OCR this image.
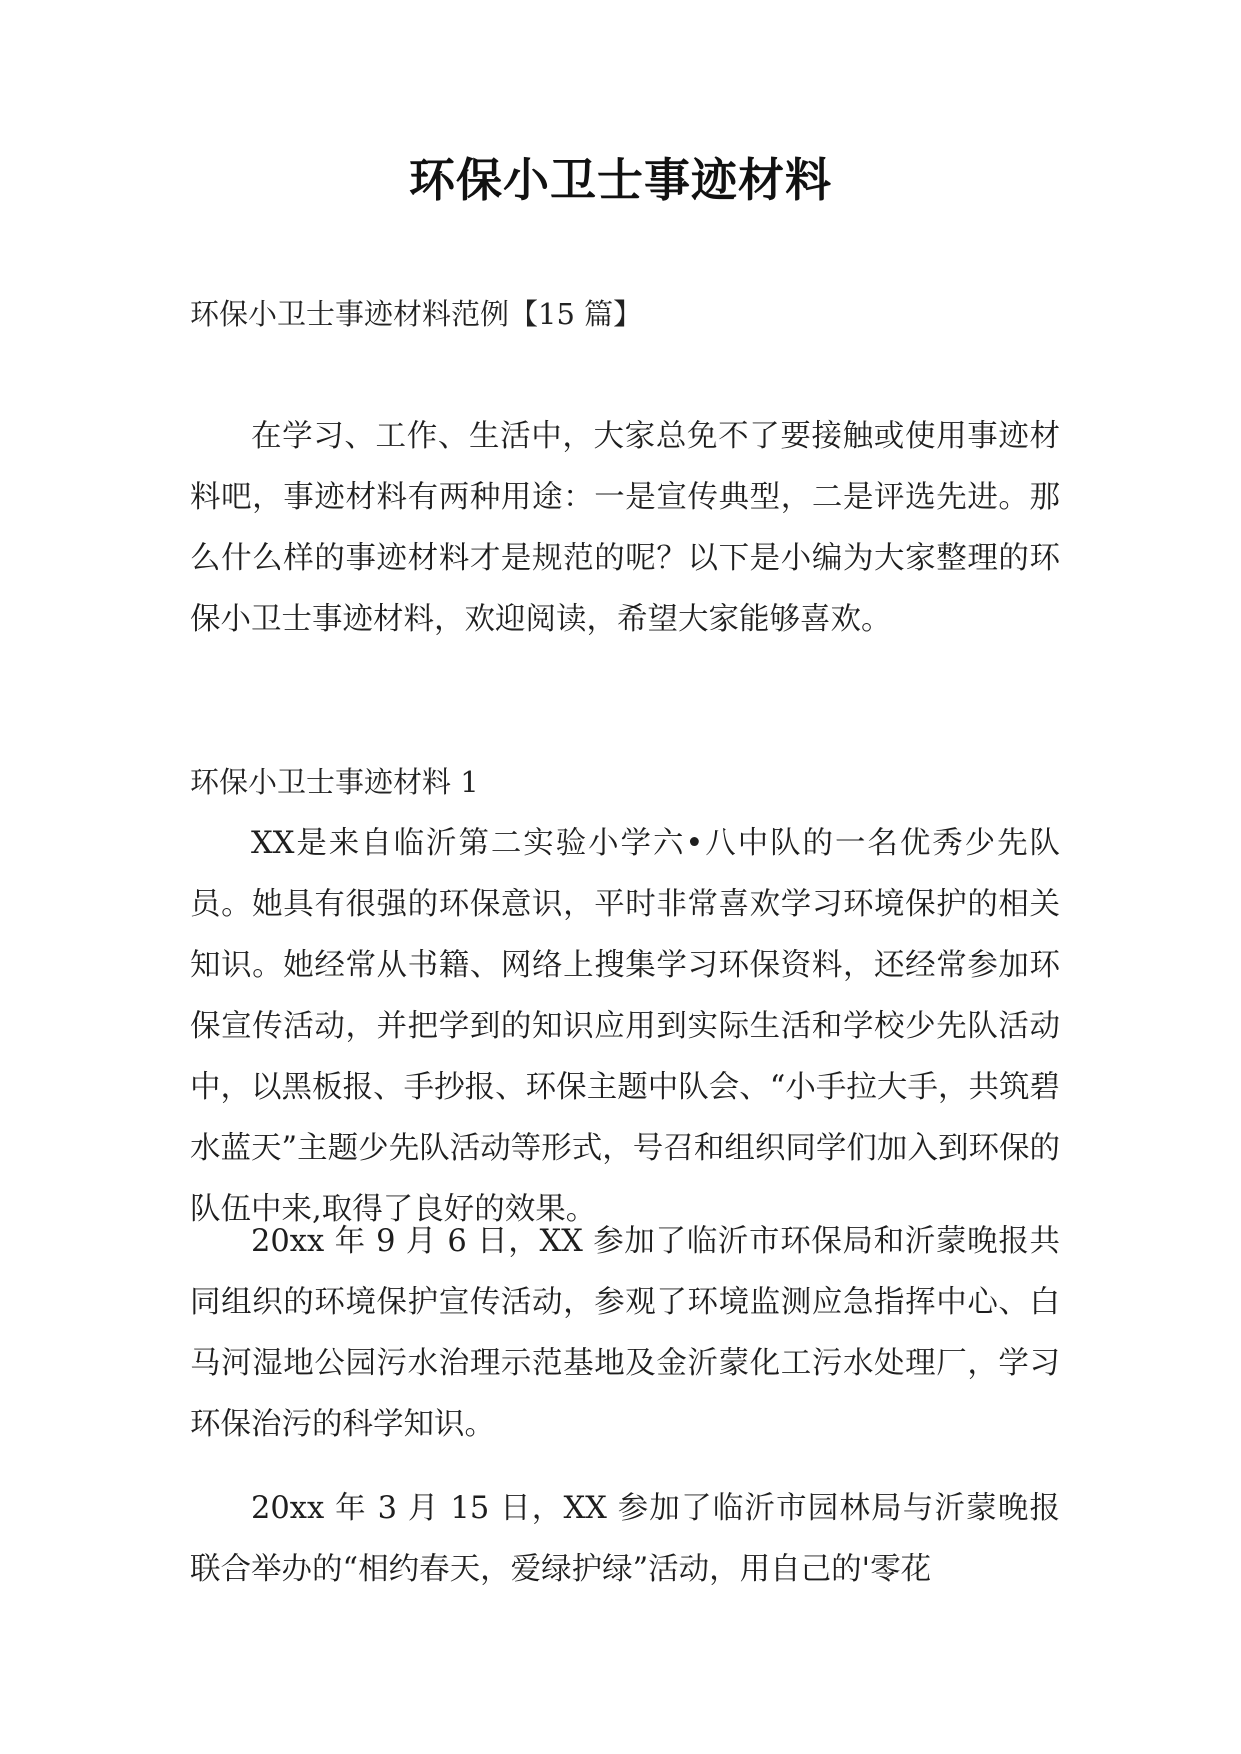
环保小卫士事迹材料
环保小卫士事迹材料范例【15 篇】

在学习、工作、生活中，大家总免不了要接触或使用事迹材料吧，事迹材料有两种用途：一是宣传典型，二是评选先进。那么什么样的事迹材料才是规范的呢？以下是小编为大家整理的环保小卫士事迹材料，欢迎阅读，希望大家能够喜欢。

环保小卫士事迹材料 1

XX是来自临沂第二实验小学六•八中队的一名优秀少先队员。她具有很强的环保意识，平时非常喜欢学习环境保护的相关知识。她经常从书籍、网络上搜集学习环保资料，还经常参加环保宣传活动，并把学到的知识应用到实际生活和学校少先队活动中，以黑板报、手抄报、环保主题中队会、“小手拉大手，共筑碧水蓝天”主题少先队活动等形式，号召和组织同学们加入到环保的队伍中来,取得了良好的效果。

20xx 年 9 月 6 日，XX 参加了临沂市环保局和沂蒙晚报共同组织的环境保护宣传活动，参观了环境监测应急指挥中心、白马河湿地公园污水治理示范基地及金沂蒙化工污水处理厂，学习环保治污的科学知识。

20xx 年 3 月 15 日，XX 参加了临沂市园林局与沂蒙晚报联合举办的“相约春天，爱绿护绿”活动，用自己的'零花
